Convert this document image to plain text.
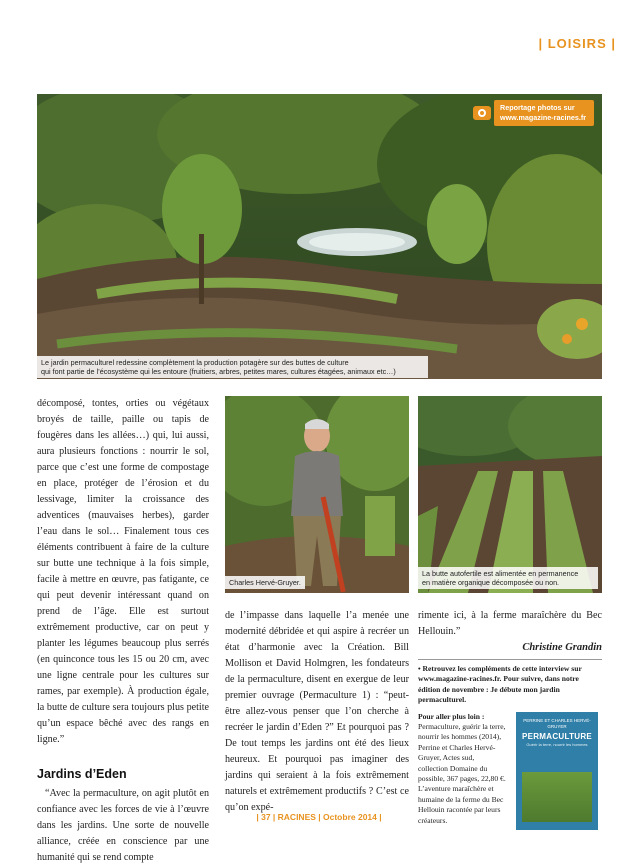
| LOISIRS |
Reportage photos sur www.magazine-racines.fr
Le jardin permaculturel redessine complètement la production potagère sur des buttes de culture
qui font partie de l’écosystème qui les entoure (fruitiers, arbres, petites mares, cultures étagées, animaux etc…)

décomposé, tontes, orties ou végétaux broyés de taille, paille ou tapis de fougères dans les allées…) qui, lui aussi, aura plusieurs fonctions : nourrir le sol, parce que c’est une forme de compostage en place, protéger de l’érosion et du lessivage, limiter la croissance des adventices (mauvaises herbes), garder l’eau dans le sol… Finalement tous ces éléments contribuent à faire de la culture sur butte une technique à la fois simple, facile à mettre en œuvre, pas fatigante, ce qui peut devenir intéressant quand on prend de l’âge. Elle est surtout extrêmement productive, car on peut y planter les légumes beaucoup plus serrés (en quinconce tous les 15 ou 20 cm, avec une ligne centrale pour les cultures sur rames, par exemple). À production égale, la butte de culture sera toujours plus petite qu’un espace bêché avec des rangs en ligne.”

Jardins d’Eden

“Avec la permaculture, on agit plutôt en confiance avec les forces de vie à l’œuvre dans les jardins. Une sorte de nouvelle alliance, créée en conscience par une humanité qui se rend compte

Charles Hervé-Gruyer.
La butte autofertile est alimentée en permanence
en matière organique décomposée ou non.

de l’impasse dans laquelle l’a menée une modernité débridée et qui aspire à recréer un état d’harmonie avec la Création. Bill Mollison et David Holmgren, les fondateurs de la permaculture, disent en exergue de leur premier ouvrage (Permaculture 1) : “peut-être allez-vous penser que l’on cherche à recréer le jardin d’Eden ?” Et pourquoi pas ? De tout temps les jardins ont été des lieux heureux. Et pourquoi pas imaginer des jardins qui seraient à la fois extrêmement naturels et extrêmement productifs ? C’est ce qu’on expé-

rimente ici, à la ferme maraîchère du Bec Hellouin.”

Christine Grandin
• Retrouvez les compléments de cette interview sur www.magazine-racines.fr. Pour suivre, dans notre édition de novembre : Je débute mon jardin permaculturel.
Pour aller plus loin : Permaculture, guérir la terre, nourrir les hommes (2014), Perrine et Charles Hervé-Gruyer, Actes sud, collection Domaine du possible, 367 pages, 22,80 €. L’aventure maraîchère et humaine de la ferme du Bec Hellouin racontée par leurs créateurs.
PERRINE ET CHARLES HERVÉ-GRUYER
PERMACULTURE
Guérir la terre, nourrir les hommes
| 37 | RACINES | Octobre 2014 |
